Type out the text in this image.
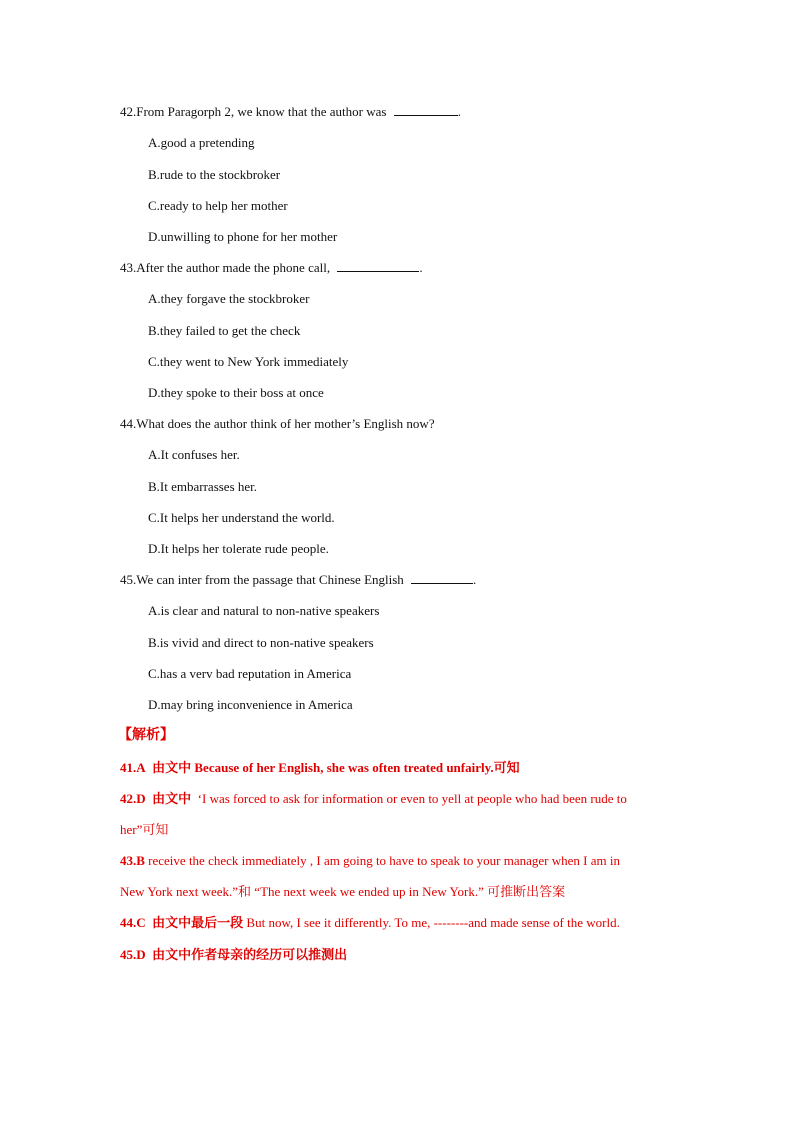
42.From Paragorph 2, we know that the author was	.
A.good a pretending
B.rude to the stockbroker
C.ready to help her mother
D.unwilling to phone for her mother
43.After the author made the phone call,	.
A.they forgave the stockbroker
B.they failed to get the check
C.they went to New York immediately
D.they spoke to their boss at once
44.What does the author think of her mother’s English now?
A.It confuses her.
B.It embarrasses her.
C.It helps her understand the world.
D.It helps her tolerate rude people.
45.We can inter from the passage that Chinese English	.
A.is clear and natural to non-native speakers
B.is vivid and direct to non-native speakers
C.has a verv bad reputation in America
D.may bring inconvenience in America
【解析】
41.A 由文中 Because of her English, she was often treated unfairly.可知
42.D 由文中 ‘I was forced to ask for information or even to yell at people who had been rude to
her”可知
43.B receive the check immediately , I am going to have to speak to your manager when I am in
New York next week.”和 “The next week we ended up in New York.” 可推断出答案
44.C 由文中最后一段 But now, I see it differently. To me, --------and made sense of the world.
45.D 由文中作者母亲的经历可以推测出
